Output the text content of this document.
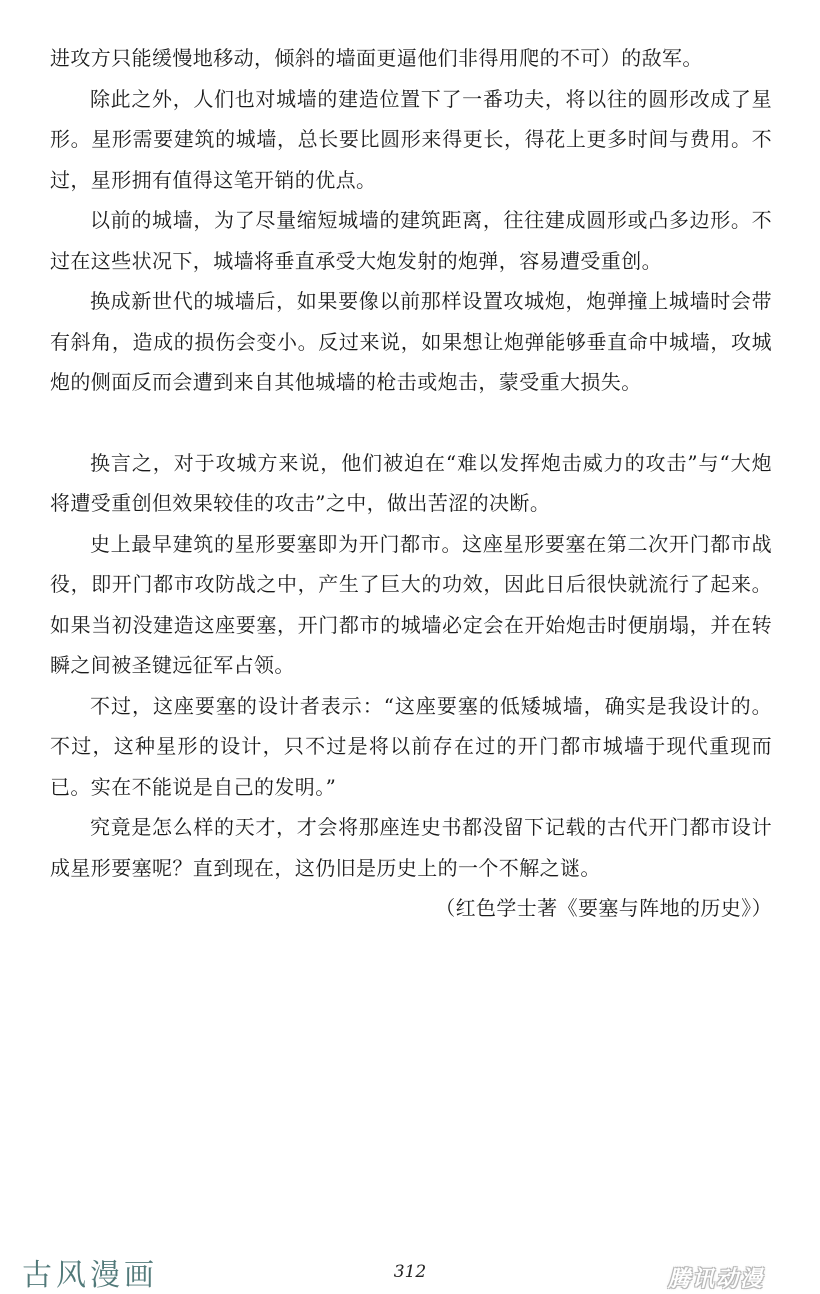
进攻方只能缓慢地移动，倾斜的墙面更逼他们非得用爬的不可）的敌军。

除此之外，人们也对城墙的建造位置下了一番功夫，将以往的圆形改成了星形。星形需要建筑的城墙，总长要比圆形来得更长，得花上更多时间与费用。不过，星形拥有值得这笔开销的优点。

以前的城墙，为了尽量缩短城墙的建筑距离，往往建成圆形或凸多边形。不过在这些状况下，城墙将垂直承受大炮发射的炮弹，容易遭受重创。

换成新世代的城墙后，如果要像以前那样设置攻城炮，炮弹撞上城墙时会带有斜角，造成的损伤会变小。反过来说，如果想让炮弹能够垂直命中城墙，攻城炮的侧面反而会遭到来自其他城墙的枪击或炮击，蒙受重大损失。

换言之，对于攻城方来说，他们被迫在“难以发挥炮击威力的攻击”与“大炮将遭受重创但效果较佳的攻击”之中，做出苦涩的决断。

史上最早建筑的星形要塞即为开门都市。这座星形要塞在第二次开门都市战役，即开门都市攻防战之中，产生了巨大的功效，因此日后很快就流行了起来。如果当初没建造这座要塞，开门都市的城墙必定会在开始炮击时便崩塌，并在转瞬之间被圣键远征军占领。

不过，这座要塞的设计者表示：“这座要塞的低矮城墙，确实是我设计的。不过，这种星形的设计，只不过是将以前存在过的开门都市城墙于现代重现而已。实在不能说是自己的发明。”

究竟是怎么样的天才，才会将那座连史书都没留下记载的古代开门都市设计成星形要塞呢？直到现在，这仍旧是历史上的一个不解之谜。

（红色学士著《要塞与阵地的历史》）

古风漫画	312	腾讯动漫
